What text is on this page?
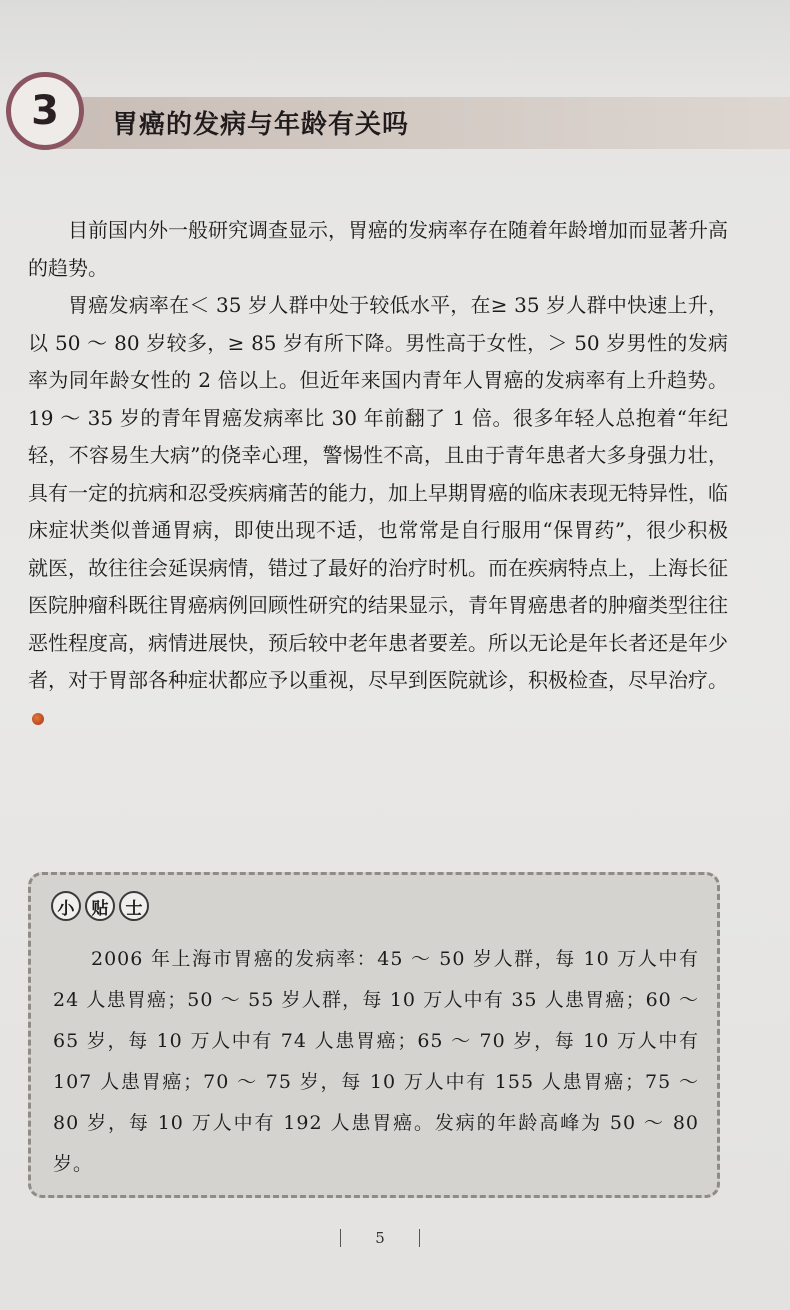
3 胃癌的发病与年龄有关吗

目前国内外一般研究调查显示，胃癌的发病率存在随着年龄增加而显著升高的趋势。

胃癌发病率在＜ 35 岁人群中处于较低水平，在≥ 35 岁人群中快速上升，以 50 ～ 80 岁较多，≥ 85 岁有所下降。男性高于女性，＞ 50 岁男性的发病率为同年龄女性的 2 倍以上。但近年来国内青年人胃癌的发病率有上升趋势。19 ～ 35 岁的青年胃癌发病率比 30 年前翻了 1 倍。很多年轻人总抱着“年纪轻，不容易生大病”的侥幸心理，警惕性不高，且由于青年患者大多身强力壮，具有一定的抗病和忍受疾病痛苦的能力，加上早期胃癌的临床表现无特异性，临床症状类似普通胃病，即使出现不适，也常常是自行服用“保胃药”，很少积极就医，故往往会延误病情，错过了最好的治疗时机。而在疾病特点上，上海长征医院肿瘤科既往胃癌病例回顾性研究的结果显示，青年胃癌患者的肿瘤类型往往恶性程度高，病情进展快，预后较中老年患者要差。所以无论是年长者还是年少者，对于胃部各种症状都应予以重视，尽早到医院就诊，积极检查，尽早治疗。

小	贴	士

2006 年上海市胃癌的发病率：45 ～ 50 岁人群，每 10 万人中有 24 人患胃癌；50 ～ 55 岁人群，每 10 万人中有 35 人患胃癌；60 ～ 65 岁，每 10 万人中有 74 人患胃癌；65 ～ 70 岁，每 10 万人中有 107 人患胃癌；70 ～ 75 岁，每 10 万人中有 155 人患胃癌；75 ～ 80 岁，每 10 万人中有 192 人患胃癌。发病的年龄高峰为 50 ～ 80 岁。

5
